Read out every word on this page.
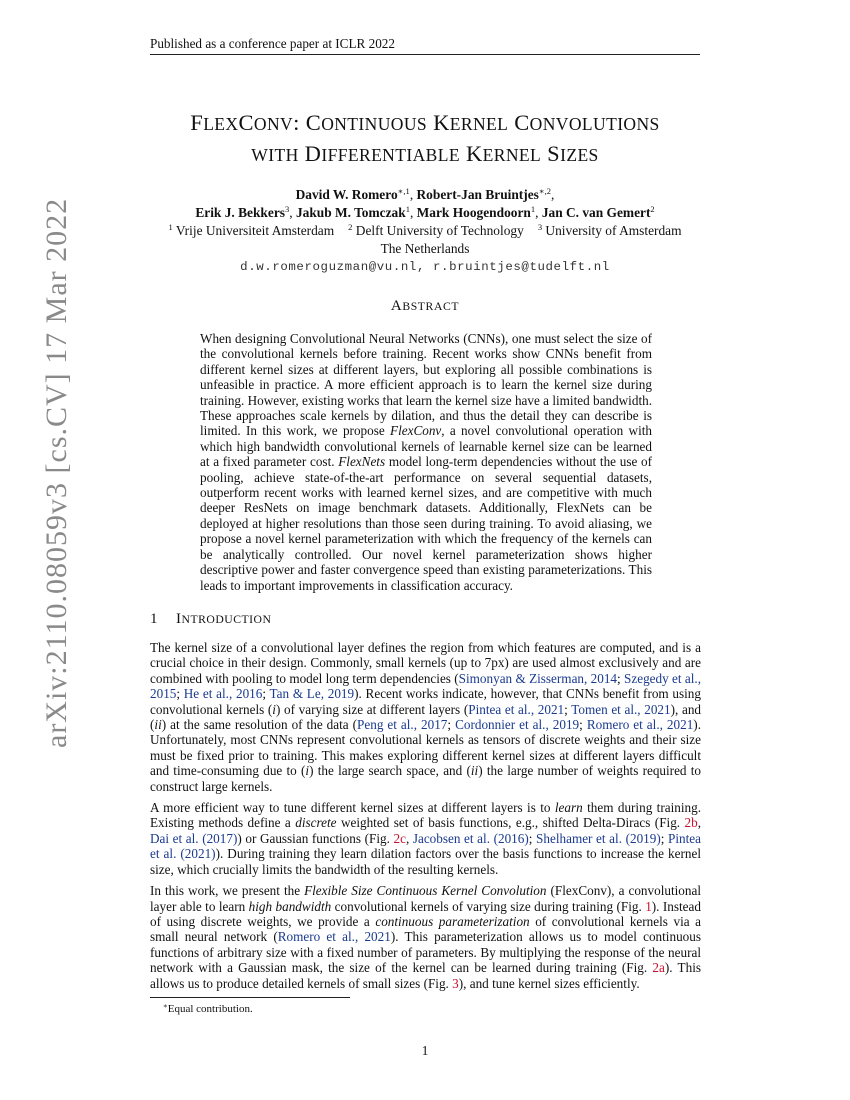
Published as a conference paper at ICLR 2022
FLEXCONV: CONTINUOUS KERNEL CONVOLUTIONS
WITH DIFFERENTIABLE KERNEL SIZES
David W. Romero$^{∗,1}$, Robert-Jan Bruintjes$^{∗,2}$,
Erik J. Bekkers$^3$, Jakub M. Tomczak$^1$, Mark Hoogendoorn$^1$, Jan C. van Gemert$^2$
$^1$ Vrije Universiteit Amsterdam $^2$ Delft University of Technology $^3$ University of Amsterdam
The Netherlands
d.w.romeroguzman@vu.nl, r.bruintjes@tudelft.nl
ABSTRACT
When designing Convolutional Neural Networks (CNNs), one must select the size of the convolutional kernels before training. Recent works show CNNs benefit from different kernel sizes at different layers, but exploring all possible combinations is unfeasible in practice. A more efficient approach is to learn the kernel size during training. However, existing works that learn the kernel size have a limited bandwidth. These approaches scale kernels by dilation, and thus the detail they can describe is limited. In this work, we propose FlexConv, a novel convolutional operation with which high bandwidth convolutional kernels of learnable kernel size can be learned at a fixed parameter cost. FlexNets model long-term dependencies without the use of pooling, achieve state-of-the-art performance on several sequential datasets, outperform recent works with learned kernel sizes, and are competitive with much deeper ResNets on image benchmark datasets. Additionally, FlexNets can be deployed at higher resolutions than those seen during training. To avoid aliasing, we propose a novel kernel parameterization with which the frequency of the kernels can be analytically controlled. Our novel kernel parameterization shows higher descriptive power and faster convergence speed than existing parameterizations. This leads to important improvements in classification accuracy.
1 INTRODUCTION

The kernel size of a convolutional layer defines the region from which features are computed, and is a crucial choice in their design. Commonly, small kernels (up to 7px) are used almost exclusively and are combined with pooling to model long term dependencies (Simonyan & Zisserman, 2014; Szegedy et al., 2015; He et al., 2016; Tan & Le, 2019). Recent works indicate, however, that CNNs benefit from using convolutional kernels (i) of varying size at different layers (Pintea et al., 2021; Tomen et al., 2021), and (ii) at the same resolution of the data (Peng et al., 2017; Cordonnier et al., 2019; Romero et al., 2021). Unfortunately, most CNNs represent convolutional kernels as tensors of discrete weights and their size must be fixed prior to training. This makes exploring different kernel sizes at different layers difficult and time-consuming due to (i) the large search space, and (ii) the large number of weights required to construct large kernels.

A more efficient way to tune different kernel sizes at different layers is to learn them during training. Existing methods define a discrete weighted set of basis functions, e.g., shifted Delta-Diracs (Fig. 2b, Dai et al. (2017)) or Gaussian functions (Fig. 2c, Jacobsen et al. (2016); Shelhamer et al. (2019); Pintea et al. (2021)). During training they learn dilation factors over the basis functions to increase the kernel size, which crucially limits the bandwidth of the resulting kernels.

In this work, we present the Flexible Size Continuous Kernel Convolution (FlexConv), a convolutional layer able to learn high bandwidth convolutional kernels of varying size during training (Fig. 1). Instead of using discrete weights, we provide a continuous parameterization of convolutional kernels via a small neural network (Romero et al., 2021). This parameterization allows us to model continuous functions of arbitrary size with a fixed number of parameters. By multiplying the response of the neural network with a Gaussian mask, the size of the kernel can be learned during training (Fig. 2a). This allows us to produce detailed kernels of small sizes (Fig. 3), and tune kernel sizes efficiently.

∗Equal contribution.
1
arXiv:2110.08059v3 [cs.CV] 17 Mar 2022
